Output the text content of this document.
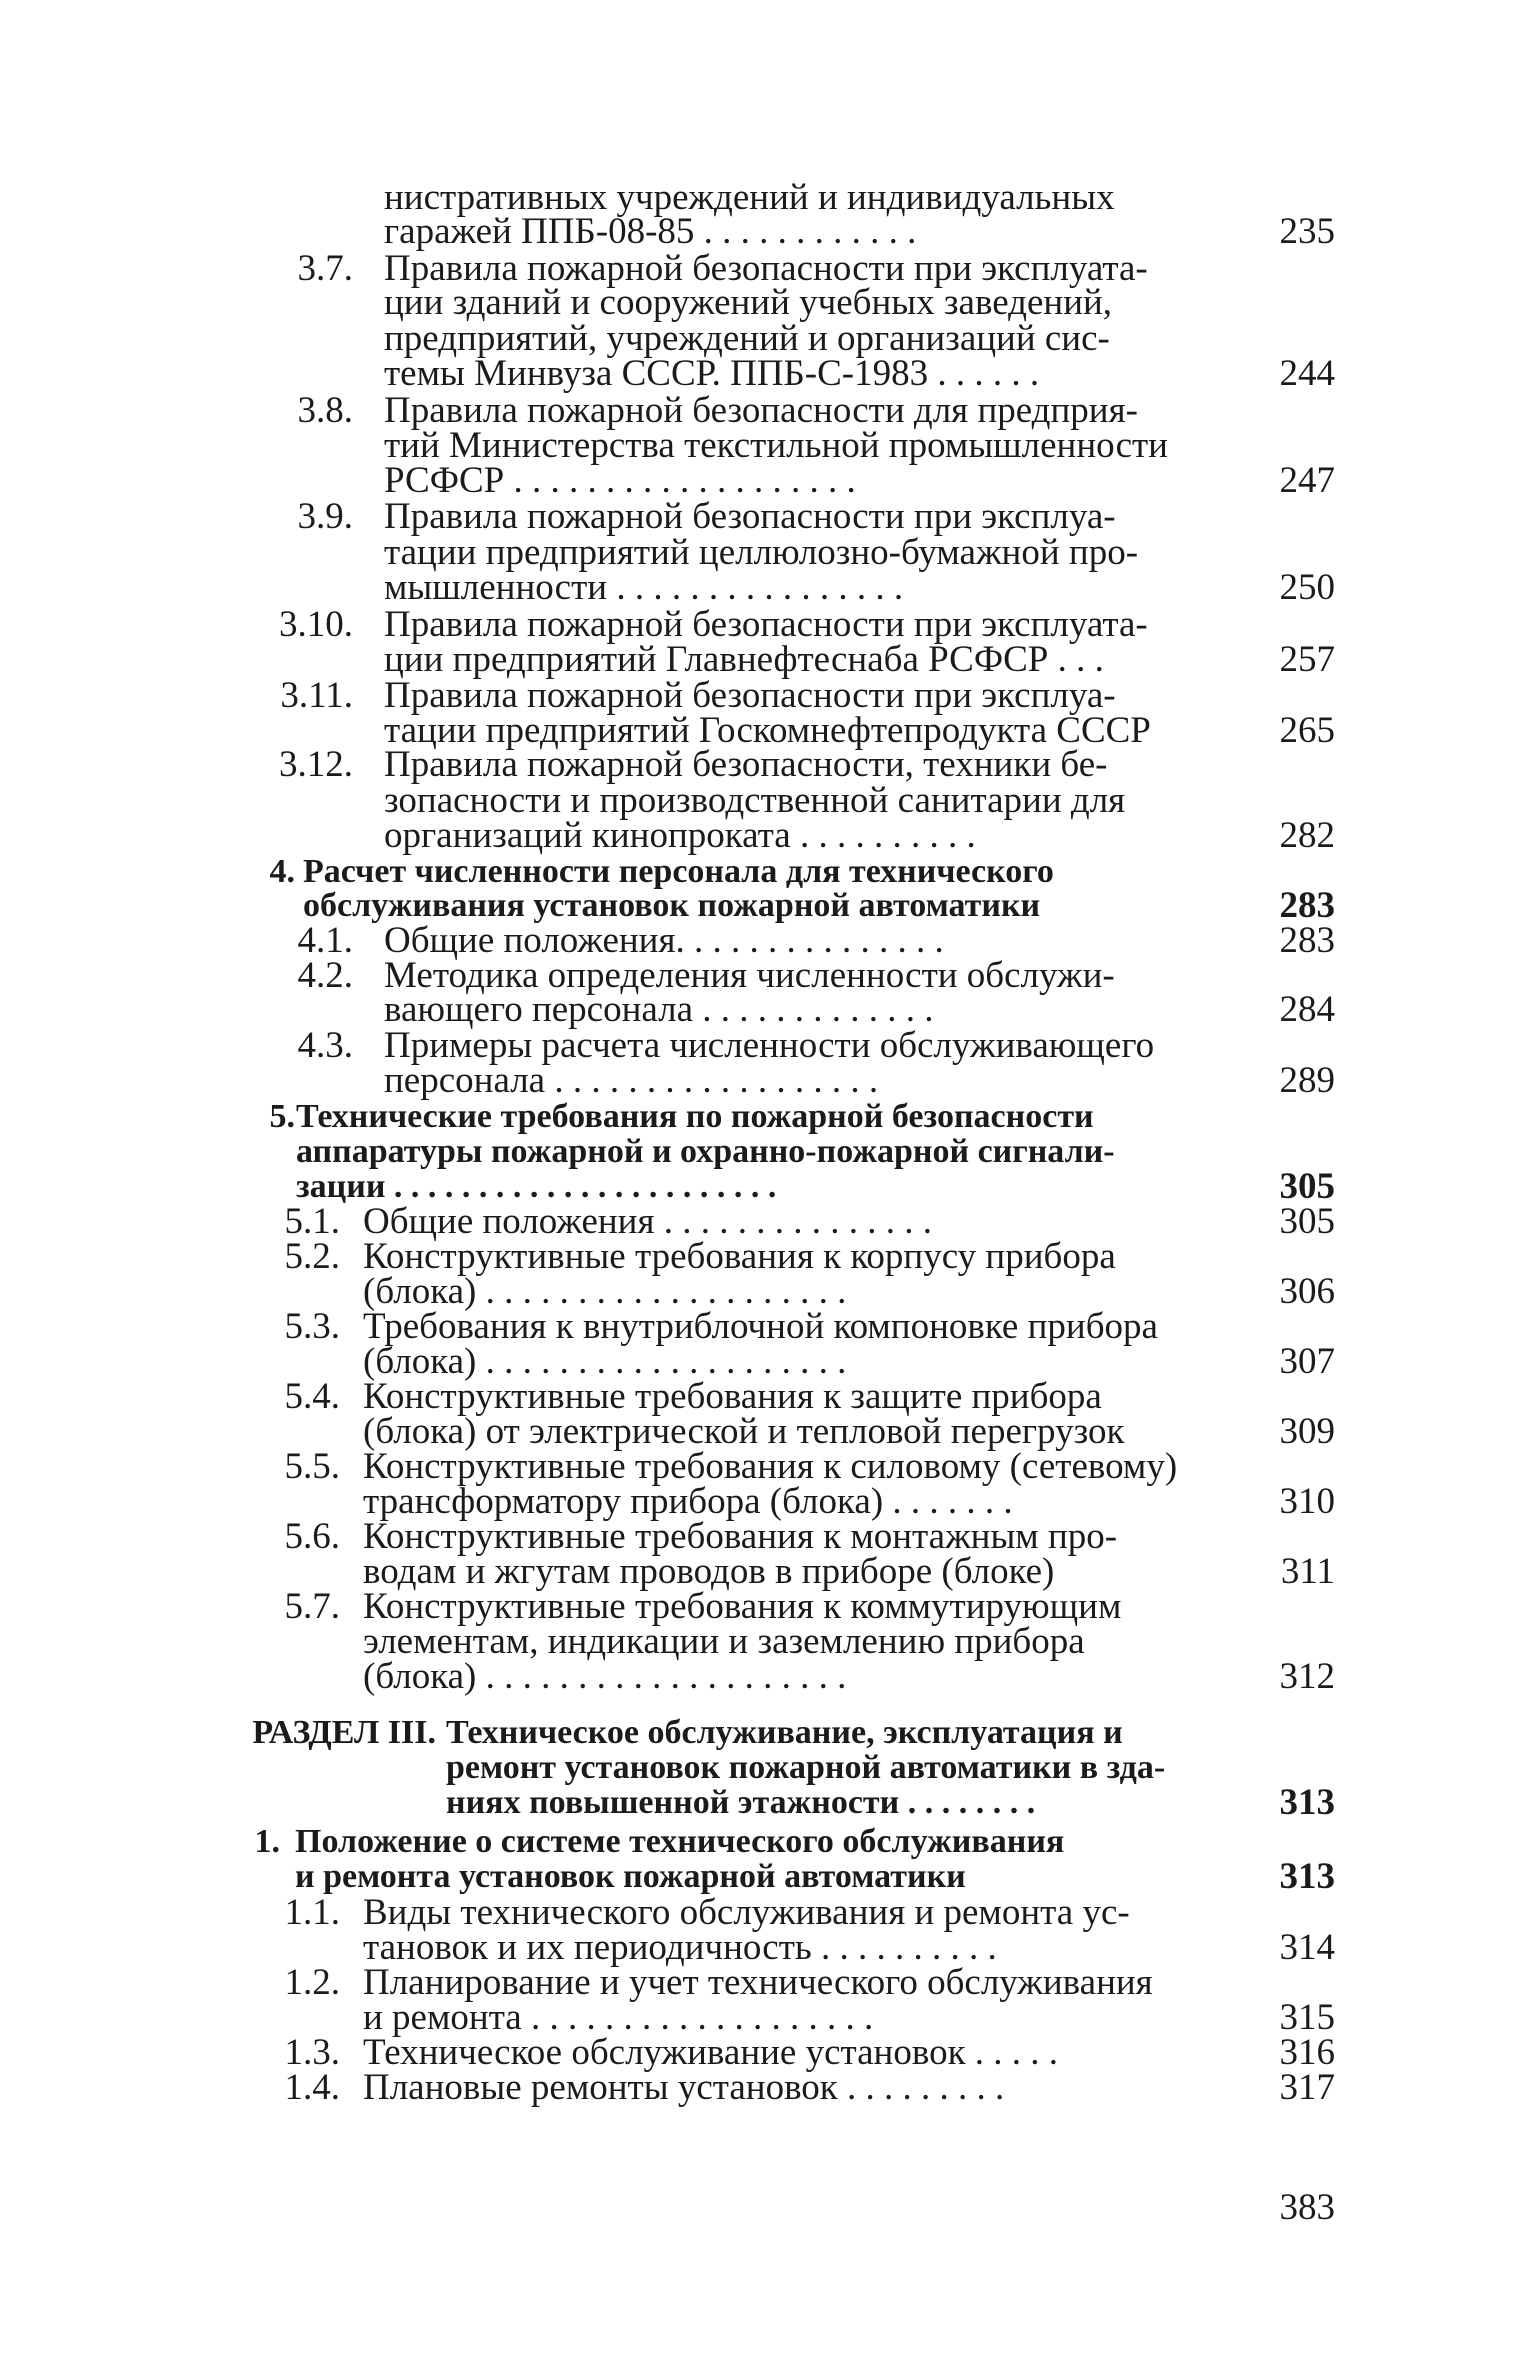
нистративных учреждений и индивидуальных
гаражей ППБ-08-85 . . . . . . . . . . . .	235
3.7. Правила пожарной безопасности при эксплуата-
ции зданий и сооружений учебных заведений,
предприятий, учреждений и организаций сис-
темы Минвуза СССР. ППБ-С-1983 . . . . . .	244
3.8. Правила пожарной безопасности для предприя-
тий Министерства текстильной промышленности
РСФСР . . . . . . . . . . . . . . . . . . .	247
3.9. Правила пожарной безопасности при эксплуа-
тации предприятий целлюлозно-бумажной про-
мышленности . . . . . . . . . . . . . . . .	250
3.10. Правила пожарной безопасности при эксплуата-
ции предприятий Главнефтеснаба РСФСР . . .	257
3.11. Правила пожарной безопасности при эксплуа-
тации предприятий Госкомнефтепродукта СССР	265
3.12. Правила пожарной безопасности, техники бе-
зопасности и производственной санитарии для
организаций кинопроката . . . . . . . . . .	282
4. Расчет численности персонала для технического
обслуживания установок пожарной автоматики	283
4.1. Общие положения. . . . . . . . . . . . . . .	283
4.2. Методика определения численности обслужи-
вающего персонала . . . . . . . . . . . . .	284
4.3. Примеры расчета численности обслуживающего
персонала . . . . . . . . . . . . . . . . . .	289
5. Технические требования по пожарной безопасности
аппаратуры пожарной и охранно-пожарной сигнали-
зации . . . . . . . . . . . . . . . . . . . . . . .	305
5.1. Общие положения . . . . . . . . . . . . . . .	305
5.2. Конструктивные требования к корпусу прибора
(блока) . . . . . . . . . . . . . . . . . . . .	306
5.3. Требования к внутриблочной компоновке прибора
(блока) . . . . . . . . . . . . . . . . . . . .	307
5.4. Конструктивные требования к защите прибора
(блока) от электрической и тепловой перегрузок	309
5.5. Конструктивные требования к силовому (сетевому)
трансформатору прибора (блока) . . . . . . .	310
5.6. Конструктивные требования к монтажным про-
водам и жгутам проводов в приборе (блоке)	311
5.7. Конструктивные требования к коммутирующим
элементам, индикации и заземлению прибора
(блока) . . . . . . . . . . . . . . . . . . . .	312
РАЗДЕЛ III. Техническое обслуживание, эксплуатация и
ремонт установок пожарной автоматики в зда-
ниях повышенной этажности . . . . . . . .	313
1. Положение о системе технического обслуживания
и ремонта установок пожарной автоматики	313
1.1. Виды технического обслуживания и ремонта ус-
тановок и их периодичность . . . . . . . . . .	314
1.2. Планирование и учет технического обслуживания
и ремонта . . . . . . . . . . . . . . . . . . .	315
1.3. Техническое обслуживание установок . . . . .	316
1.4. Плановые ремонты установок . . . . . . . . .	317
383
